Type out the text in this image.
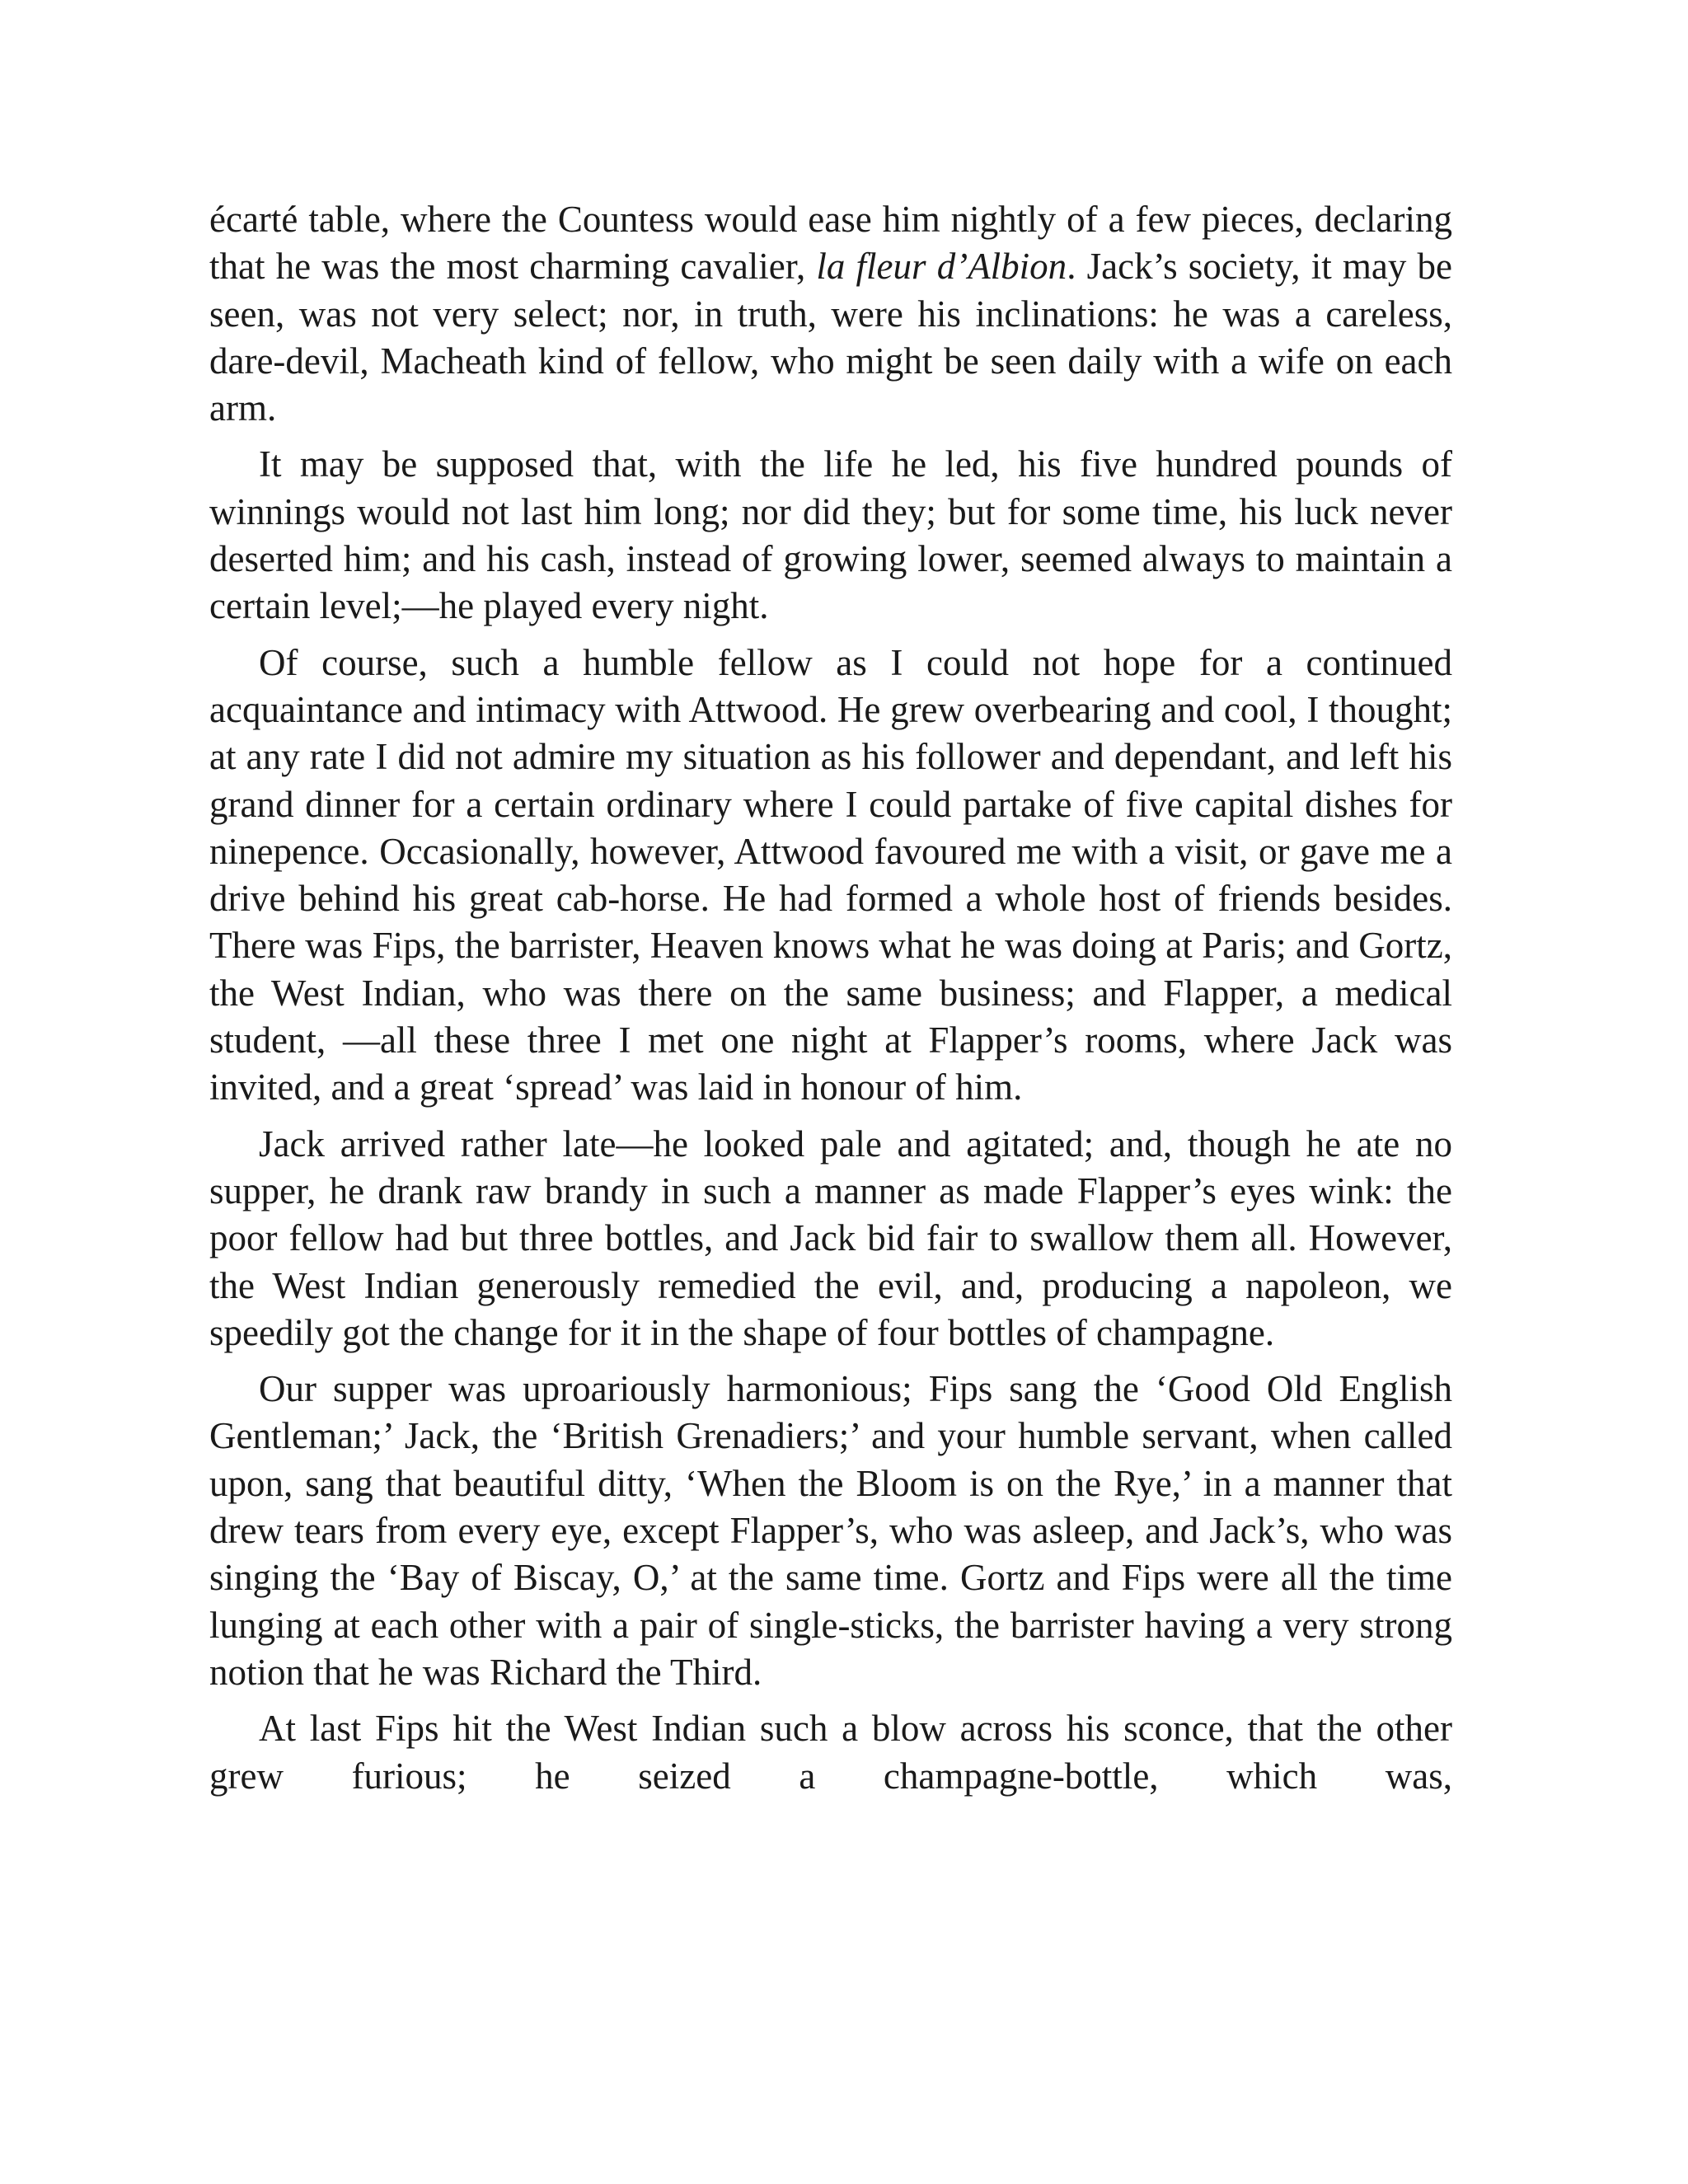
écarté table, where the Countess would ease him nightly of a few pieces, declaring that he was the most charming cavalier, la fleur d’Albion. Jack’s society, it may be seen, was not very select; nor, in truth, were his inclinations: he was a careless, dare-devil, Macheath kind of fellow, who might be seen daily with a wife on each arm.

It may be supposed that, with the life he led, his five hundred pounds of winnings would not last him long; nor did they; but for some time, his luck never deserted him; and his cash, instead of growing lower, seemed always to maintain a certain level;—he played every night.

Of course, such a humble fellow as I could not hope for a continued acquaintance and intimacy with Attwood. He grew overbearing and cool, I thought; at any rate I did not admire my situation as his follower and dependant, and left his grand dinner for a certain ordinary where I could partake of five capital dishes for ninepence. Occasionally, however, Attwood favoured me with a visit, or gave me a drive behind his great cab-horse. He had formed a whole host of friends besides. There was Fips, the barrister, Heaven knows what he was doing at Paris; and Gortz, the West Indian, who was there on the same business; and Flapper, a medical student, —all these three I met one night at Flapper’s rooms, where Jack was invited, and a great ‘spread’ was laid in honour of him.

Jack arrived rather late—he looked pale and agitated; and, though he ate no supper, he drank raw brandy in such a manner as made Flapper’s eyes wink: the poor fellow had but three bottles, and Jack bid fair to swallow them all. However, the West Indian generously remedied the evil, and, producing a napoleon, we speedily got the change for it in the shape of four bottles of champagne.

Our supper was uproariously harmonious; Fips sang the ‘Good Old English Gentleman;’ Jack, the ‘British Grenadiers;’ and your humble servant, when called upon, sang that beautiful ditty, ‘When the Bloom is on the Rye,’ in a manner that drew tears from every eye, except Flapper’s, who was asleep, and Jack’s, who was singing the ‘Bay of Biscay, O,’ at the same time. Gortz and Fips were all the time lunging at each other with a pair of single-sticks, the barrister having a very strong notion that he was Richard the Third.

At last Fips hit the West Indian such a blow across his sconce, that the other grew furious; he seized a champagne-bottle, which was,
